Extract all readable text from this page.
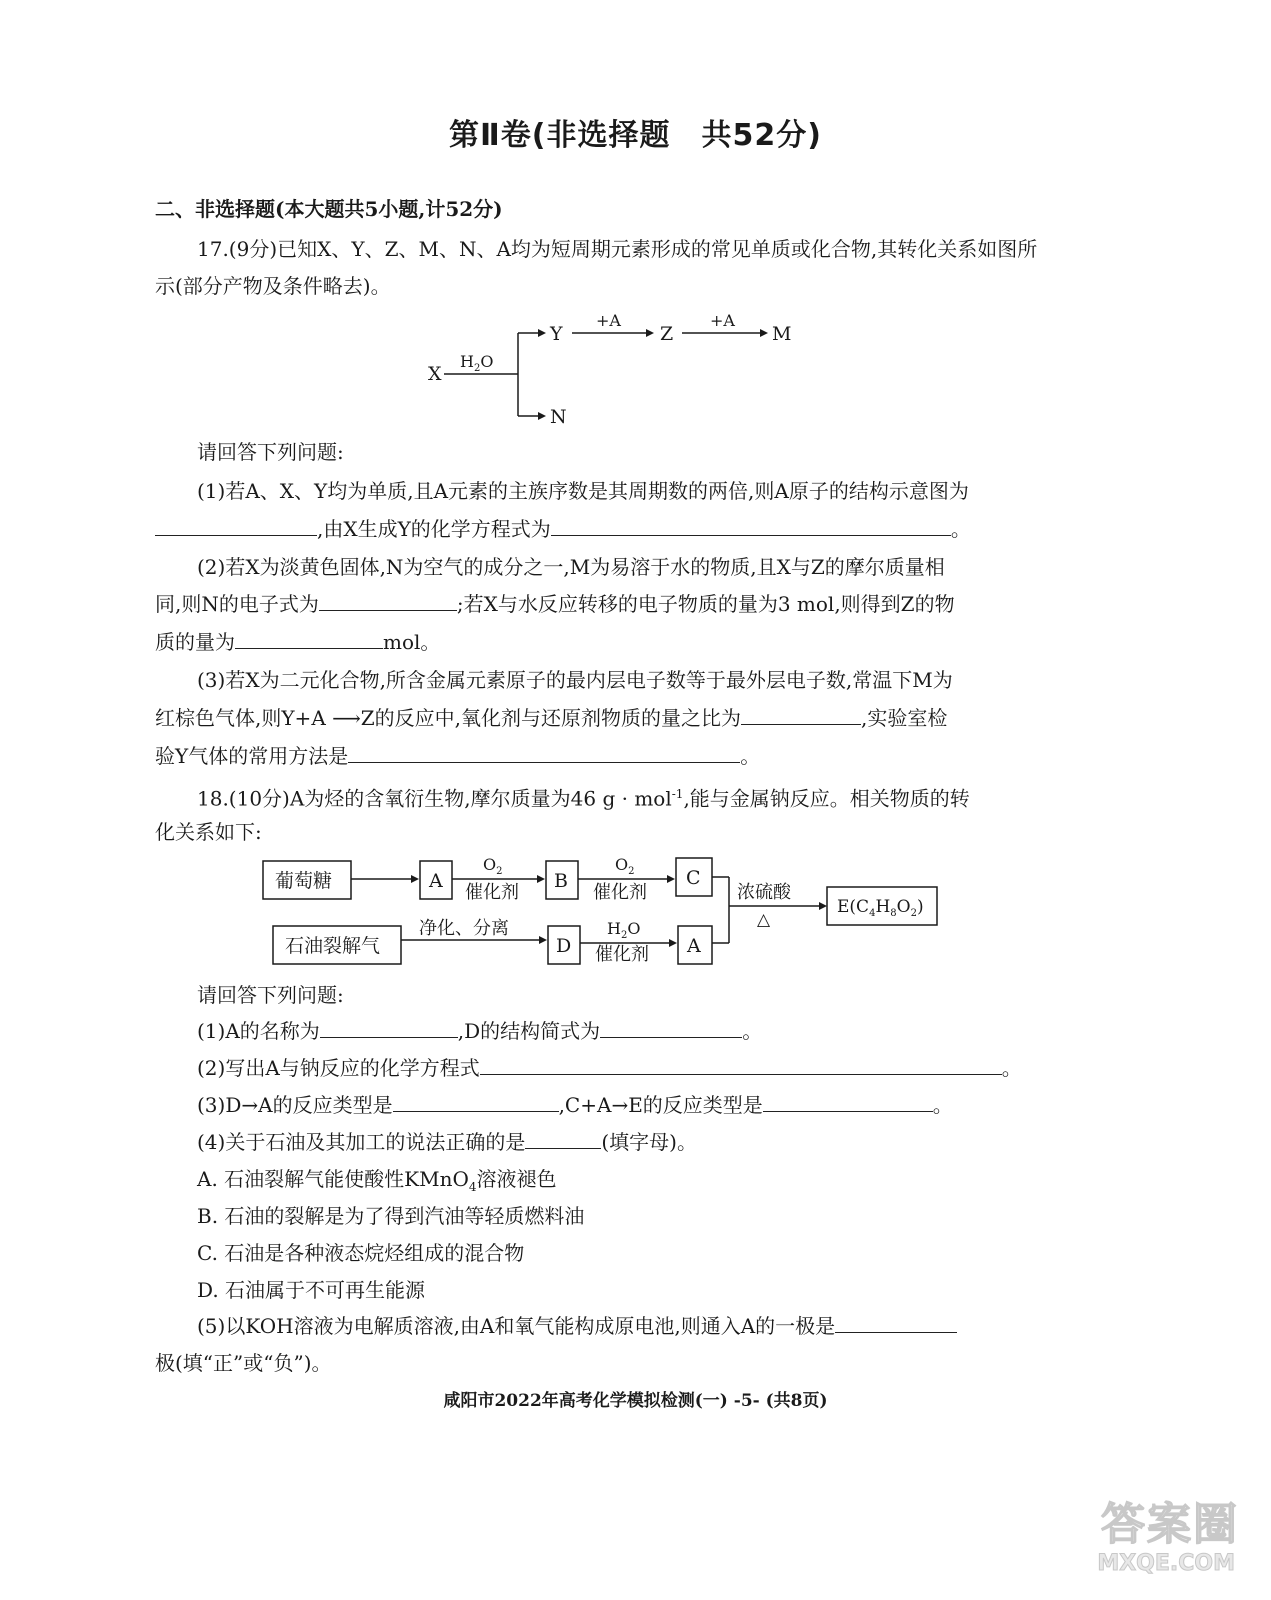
第Ⅱ卷(非选择题　共52分)
二、非选择题(本大题共5小题,计52分)
17.(9分)已知X、Y、Z、M、N、A均为短周期元素形成的常见单质或化合物,其转化关系如图所
示(部分产物及条件略去)。
X
$H_2O$
Y
+A
Z
+A
M
N
请回答下列问题:
(1)若A、X、Y均为单质,且A元素的主族序数是其周期数的两倍,则A原子的结构示意图为
,由X生成Y的化学方程式为	。
(2)若X为淡黄色固体,N为空气的成分之一,M为易溶于水的物质,且X与Z的摩尔质量相
同,则N的电子式为	;若X与水反应转移的电子物质的量为3 mol,则得到Z的物
质的量为	mol。
(3)若X为二元化合物,所含金属元素原子的最内层电子数等于最外层电子数,常温下M为
红棕色气体,则Y+A ⟶Z的反应中,氧化剂与还原剂物质的量之比为	,实验室检
验Y气体的常用方法是	。
18.(10分)A为烃的含氧衍生物,摩尔质量为46 g · mol$^{-1}$,能与金属钠反应。相关物质的转
化关系如下:
葡萄糖	A
$O_2$
催化剂
B
$O_2$
催化剂
C
石油裂解气
净化、分离
D
$H_2O$
催化剂 A
浓硫酸
△
$E(C_4H_8O_2)$
请回答下列问题:
(1)A的名称为	,D的结构简式为	。
(2)写出A与钠反应的化学方程式	。
(3)D→A的反应类型是	,C+A→E的反应类型是	。
(4)关于石油及其加工的说法正确的是	(填字母)。
A. 石油裂解气能使酸性KMnO$_4$溶液褪色
B. 石油的裂解是为了得到汽油等轻质燃料油
C. 石油是各种液态烷烃组成的混合物
D. 石油属于不可再生能源
(5)以KOH溶液为电解质溶液,由A和氧气能构成原电池,则通入A的一极是
极(填“正”或“负”)。
咸阳市2022年高考化学模拟检测(一) -5- (共8页)
答案圈
MXQE.COM
